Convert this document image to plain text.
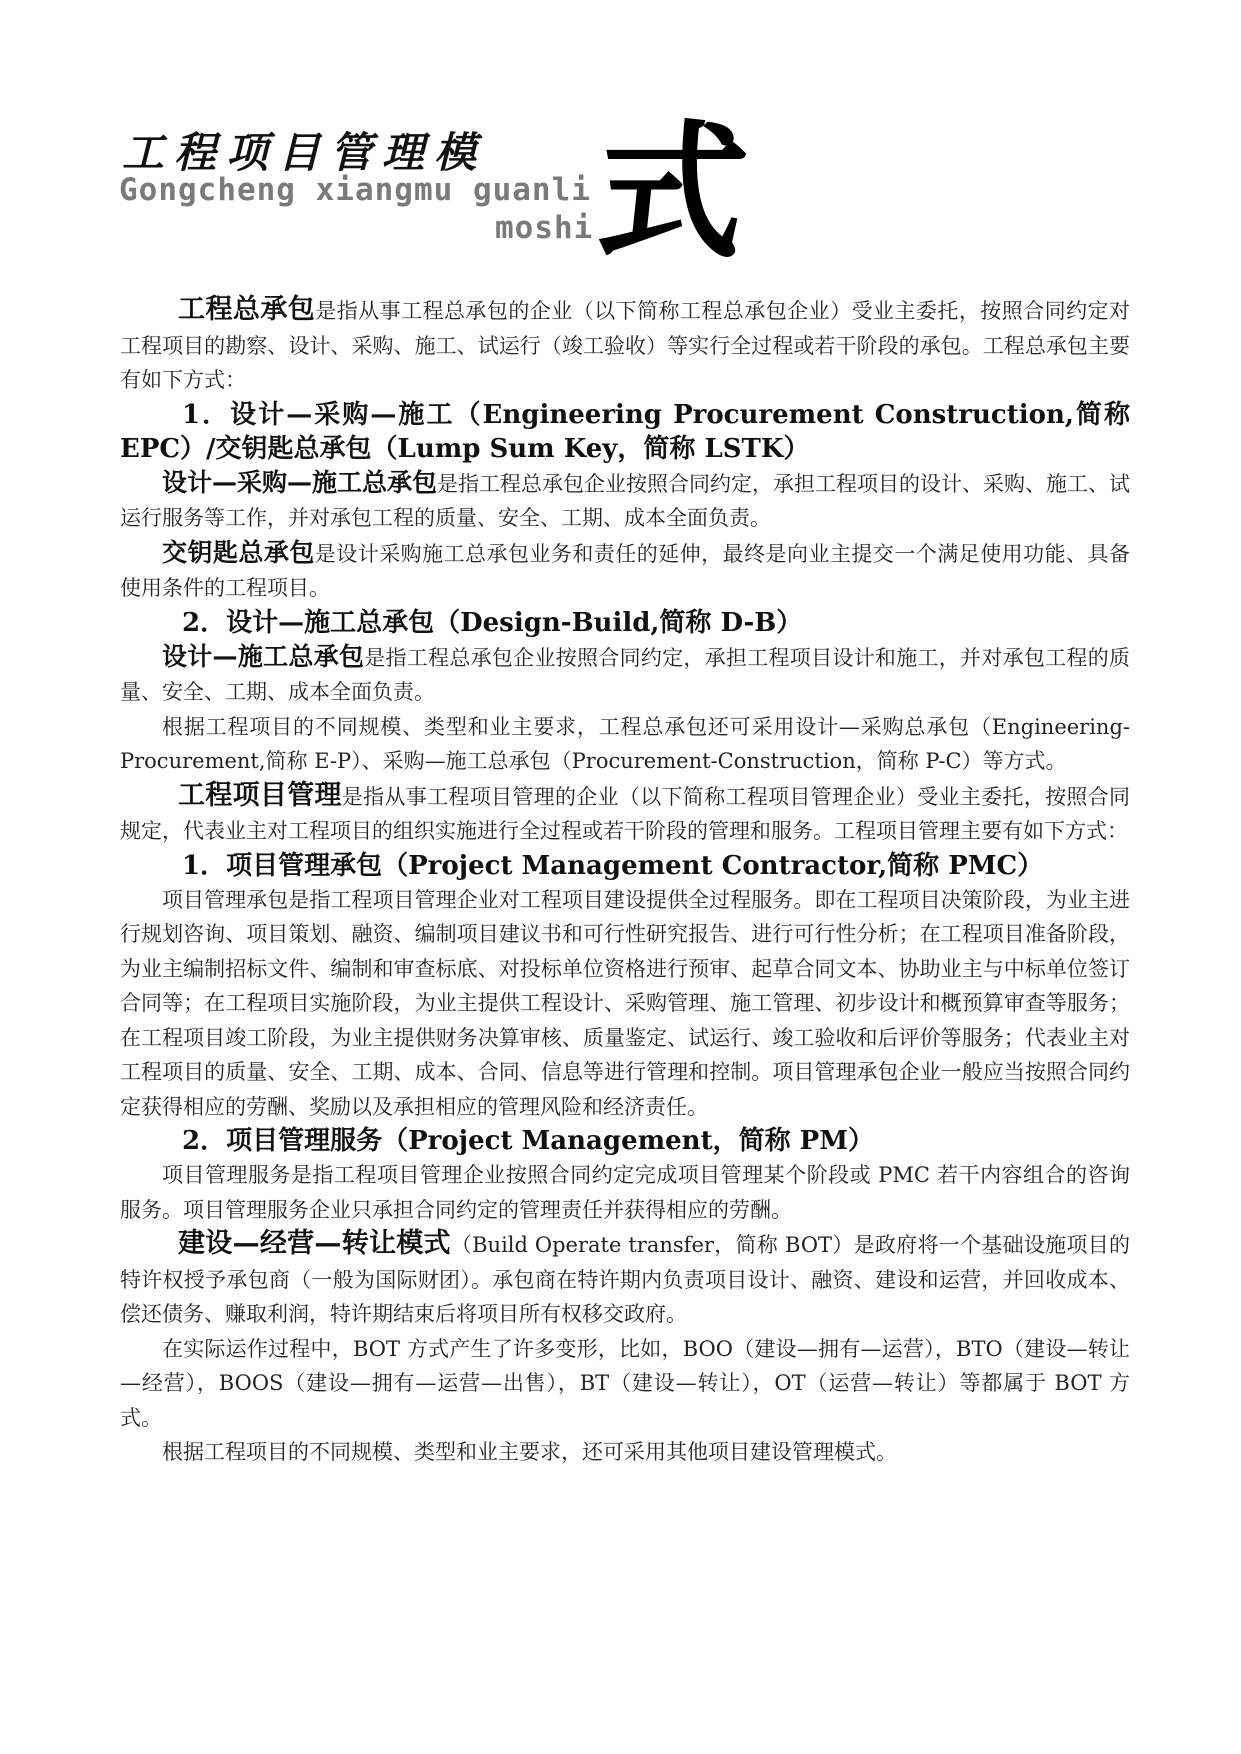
工程项目管理模
Gongcheng xiangmu guanli
moshi
式

工程总承包是指从事工程总承包的企业（以下简称工程总承包企业）受业主委托，按照合同约定对工程项目的勘察、设计、采购、施工、试运行（竣工验收）等实行全过程或若干阶段的承包。工程总承包主要有如下方式：

1．设计—采购—施工（Engineering Procurement Construction,简称EPC）/交钥匙总承包（Lump Sum Key，简称 LSTK）

设计—采购—施工总承包是指工程总承包企业按照合同约定，承担工程项目的设计、采购、施工、试运行服务等工作，并对承包工程的质量、安全、工期、成本全面负责。

交钥匙总承包是设计采购施工总承包业务和责任的延伸，最终是向业主提交一个满足使用功能、具备使用条件的工程项目。

2．设计—施工总承包（Design-Build,简称 D-B）

设计—施工总承包是指工程总承包企业按照合同约定，承担工程项目设计和施工，并对承包工程的质量、安全、工期、成本全面负责。

根据工程项目的不同规模、类型和业主要求，工程总承包还可采用设计—采购总承包（Engineering-Procurement,简称 E-P）、采购—施工总承包（Procurement-Construction，简称 P-C）等方式。

工程项目管理是指从事工程项目管理的企业（以下简称工程项目管理企业）受业主委托，按照合同规定，代表业主对工程项目的组织实施进行全过程或若干阶段的管理和服务。工程项目管理主要有如下方式：

1．项目管理承包（Project Management Contractor,简称 PMC）

项目管理承包是指工程项目管理企业对工程项目建设提供全过程服务。即在工程项目决策阶段，为业主进行规划咨询、项目策划、融资、编制项目建议书和可行性研究报告、进行可行性分析；在工程项目准备阶段，为业主编制招标文件、编制和审查标底、对投标单位资格进行预审、起草合同文本、协助业主与中标单位签订合同等；在工程项目实施阶段，为业主提供工程设计、采购管理、施工管理、初步设计和概预算审查等服务；在工程项目竣工阶段，为业主提供财务决算审核、质量鉴定、试运行、竣工验收和后评价等服务；代表业主对工程项目的质量、安全、工期、成本、合同、信息等进行管理和控制。项目管理承包企业一般应当按照合同约定获得相应的劳酬、奖励以及承担相应的管理风险和经济责任。

2．项目管理服务（Project Management，简称 PM）

项目管理服务是指工程项目管理企业按照合同约定完成项目管理某个阶段或 PMC 若干内容组合的咨询服务。项目管理服务企业只承担合同约定的管理责任并获得相应的劳酬。

建设—经营—转让模式（Build Operate transfer，简称 BOT）是政府将一个基础设施项目的特许权授予承包商（一般为国际财团）。承包商在特许期内负责项目设计、融资、建设和运营，并回收成本、偿还债务、赚取利润，特许期结束后将项目所有权移交政府。

在实际运作过程中，BOT 方式产生了许多变形，比如，BOO（建设—拥有—运营），BTO（建设—转让—经营），BOOS（建设—拥有—运营—出售），BT（建设—转让），OT（运营—转让）等都属于 BOT 方式。

根据工程项目的不同规模、类型和业主要求，还可采用其他项目建设管理模式。
